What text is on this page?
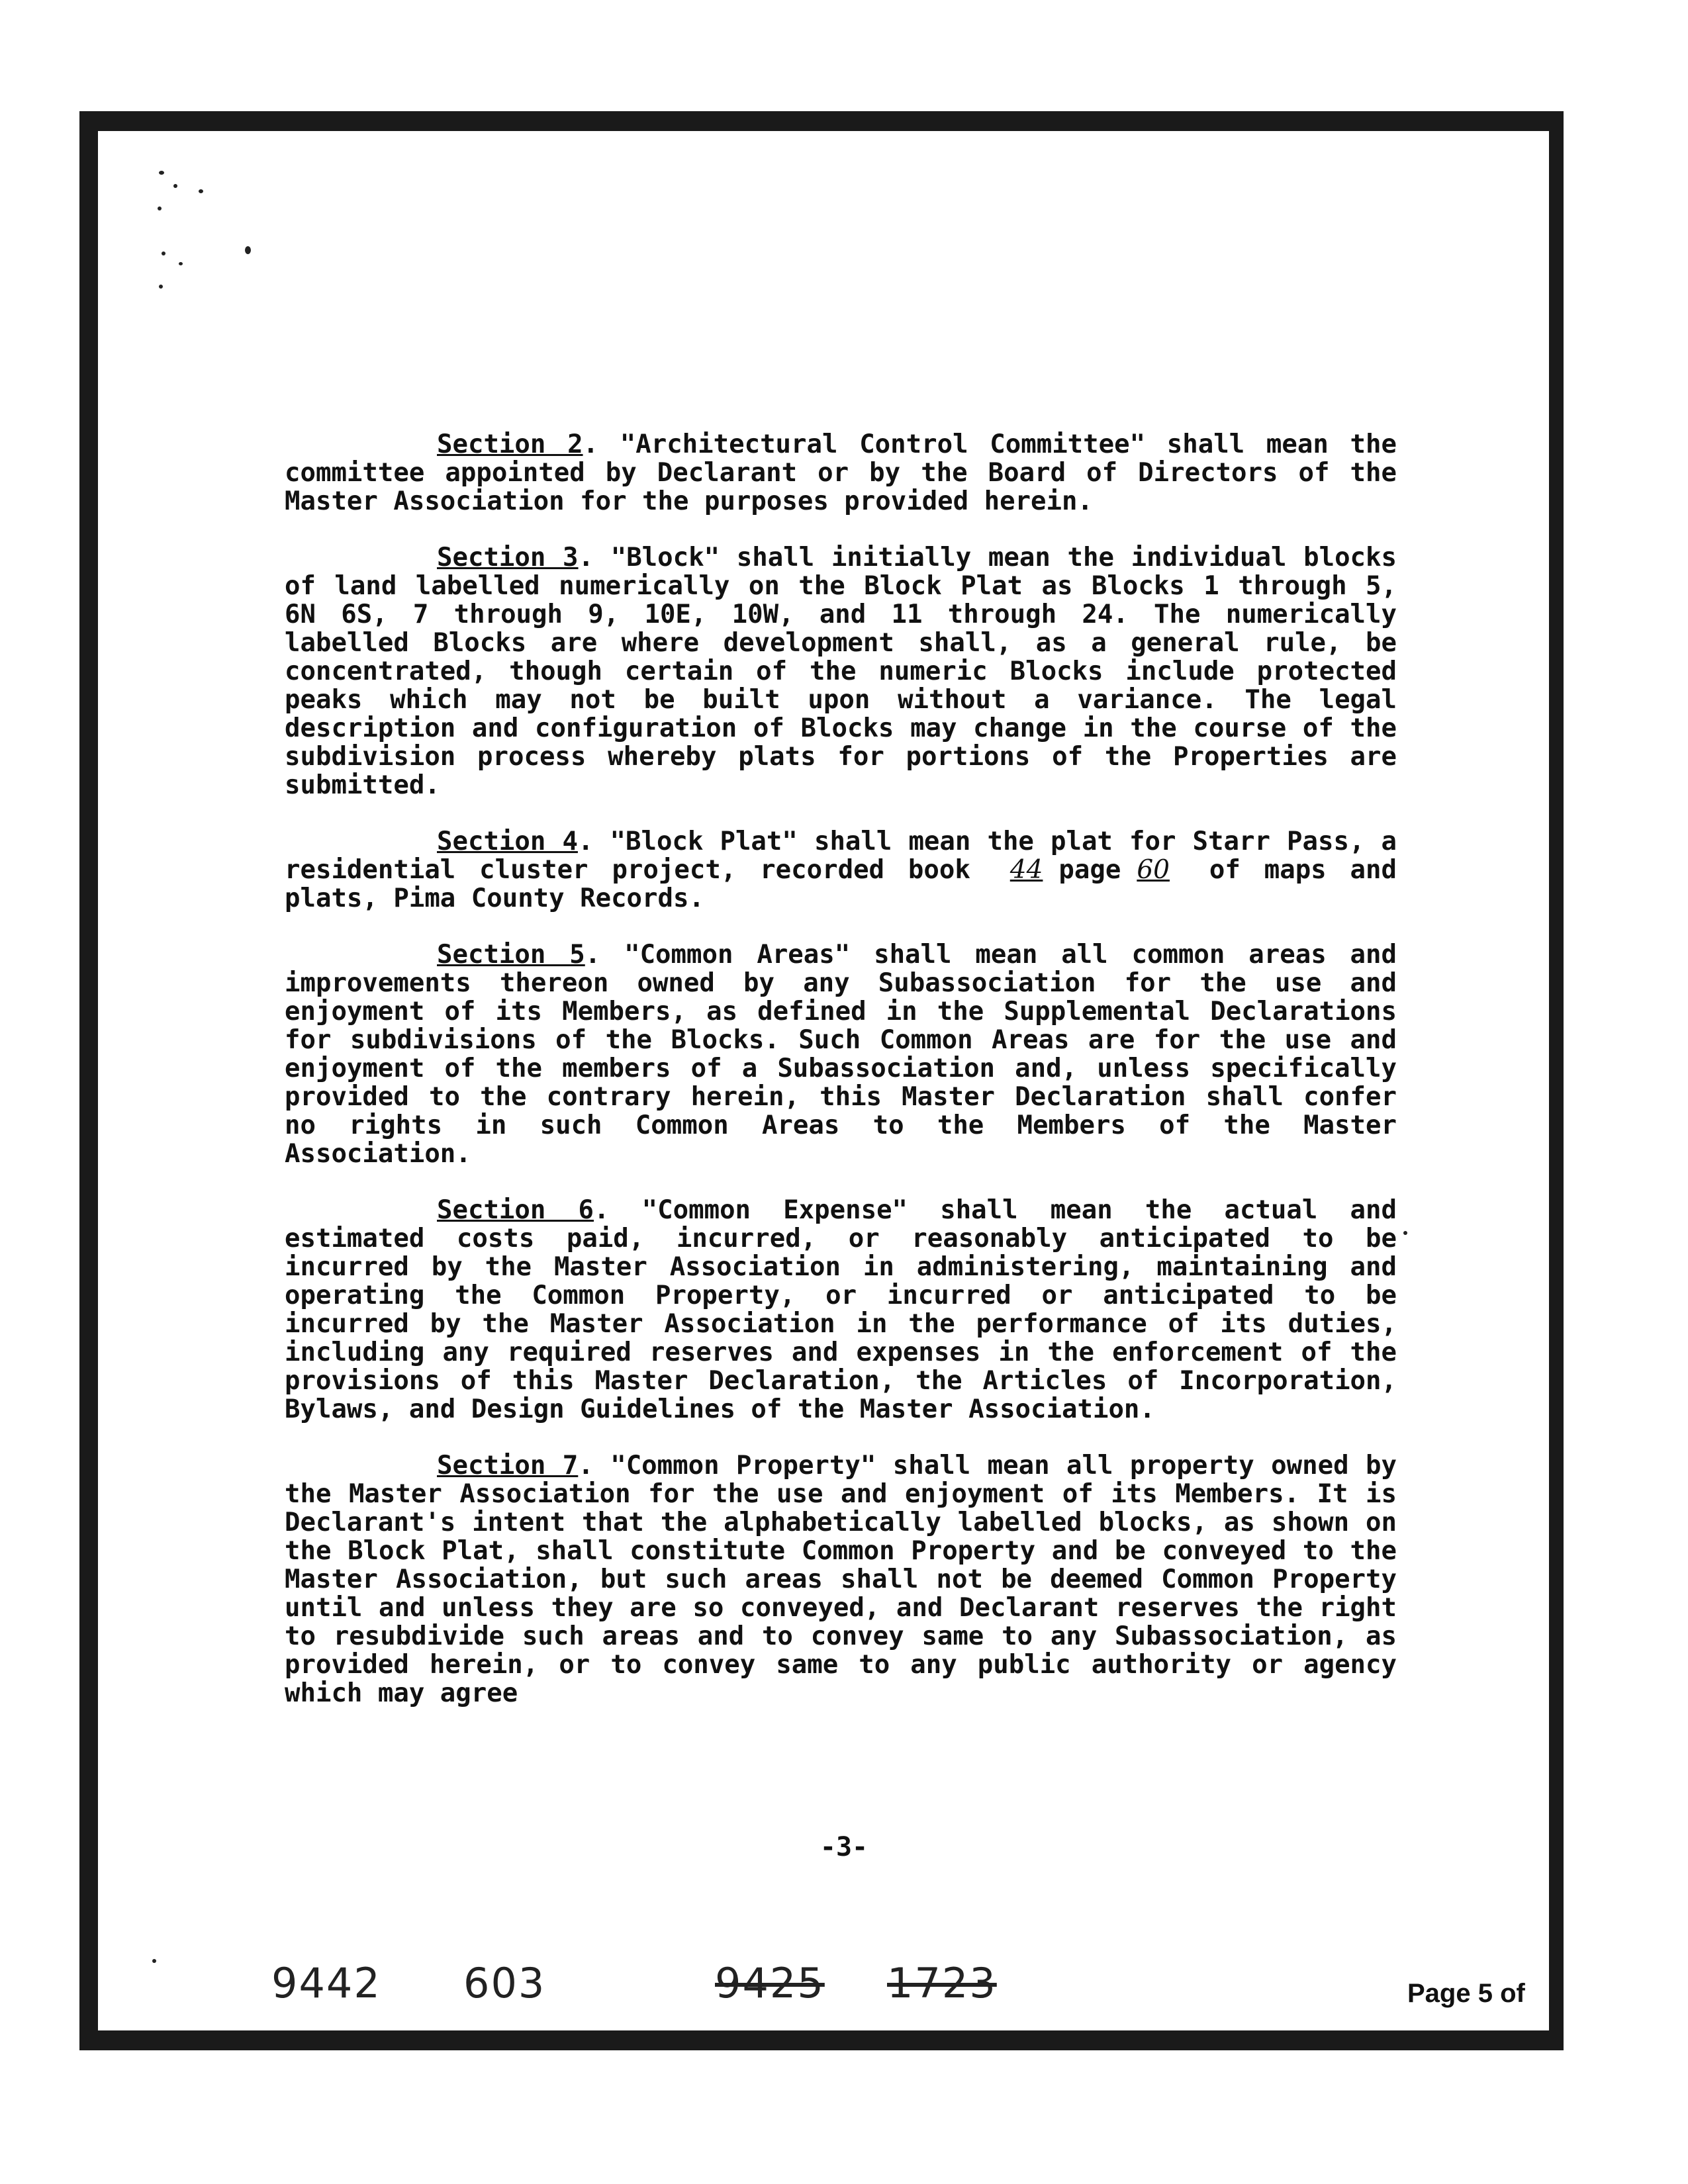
Section 2. "Architectural Control Committee" shall mean the committee appointed by Declarant or by the Board of Directors of the Master Association for the purposes provided herein.

Section 3. "Block" shall initially mean the individual blocks of land labelled numerically on the Block Plat as Blocks 1 through 5, 6N 6S, 7 through 9, 10E, 10W, and 11 through 24. The numerically labelled Blocks are where development shall, as a general rule, be concentrated, though certain of the numeric Blocks include protected peaks which may not be built upon without a variance. The legal description and configuration of Blocks may change in the course of the subdivision process whereby plats for portions of the Properties are submitted.

Section 4. "Block Plat" shall mean the plat for Starr Pass, a residential cluster project, recorded book 44 page 60 of maps and plats, Pima County Records.

Section 5. "Common Areas" shall mean all common areas and improvements thereon owned by any Subassociation for the use and enjoyment of its Members, as defined in the Supplemental Declarations for subdivisions of the Blocks. Such Common Areas are for the use and enjoyment of the members of a Subassociation and, unless specifically provided to the contrary herein, this Master Declaration shall confer no rights in such Common Areas to the Members of the Master Association.

Section 6. "Common Expense" shall mean the actual and estimated costs paid, incurred, or reasonably anticipated to be incurred by the Master Association in administering, maintaining and operating the Common Property, or incurred or anticipated to be incurred by the Master Association in the performance of its duties, including any required reserves and expenses in the enforcement of the provisions of this Master Declaration, the Articles of Incorporation, Bylaws, and Design Guidelines of the Master Association.

Section 7. "Common Property" shall mean all property owned by the Master Association for the use and enjoyment of its Members. It is Declarant's intent that the alphabetically labelled blocks, as shown on the Block Plat, shall constitute Common Property and be conveyed to the Master Association, but such areas shall not be deemed Common Property until and unless they are so conveyed, and Declarant reserves the right to resubdivide such areas and to convey same to any Subassociation, as provided herein, or to convey same to any public authority or agency which may agree

-3-
9442 603	9425 1723	Page 5 of
